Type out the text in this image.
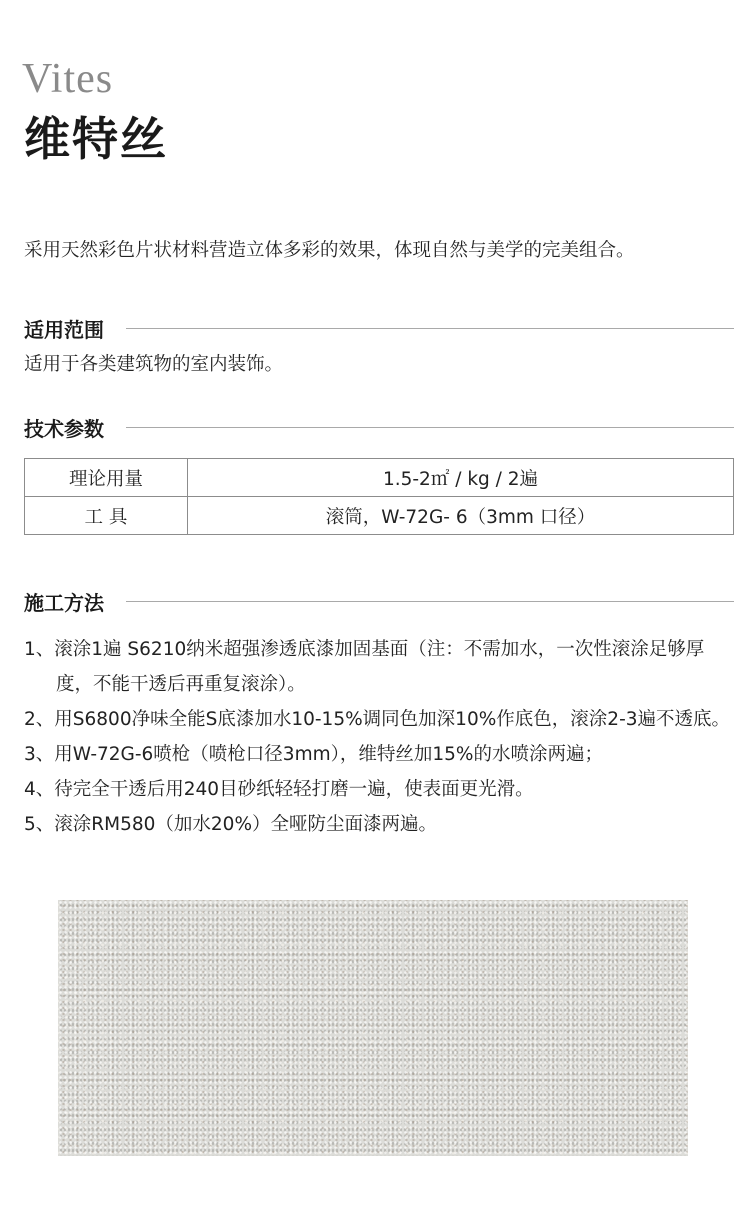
Vites
维特丝
采用天然彩色片状材料营造立体多彩的效果，体现自然与美学的完美组合。
适用范围
适用于各类建筑物的室内装饰。
技术参数
理论用量	1.5-2㎡ / kg / 2遍
工 具	滚筒，W-72G- 6（3mm 口径）
施工方法
1、滚涂1遍 S6210纳米超强渗透底漆加固基面（注：不需加水，一次性滚涂足够厚度，不能干透后再重复滚涂）。
2、用S6800净味全能S底漆加水10-15%调同色加深10%作底色，滚涂2-3遍不透底。
3、用W-72G-6喷枪（喷枪口径3mm），维特丝加15%的水喷涂两遍；
4、待完全干透后用240目砂纸轻轻打磨一遍，使表面更光滑。
5、滚涂RM580（加水20%）全哑防尘面漆两遍。
